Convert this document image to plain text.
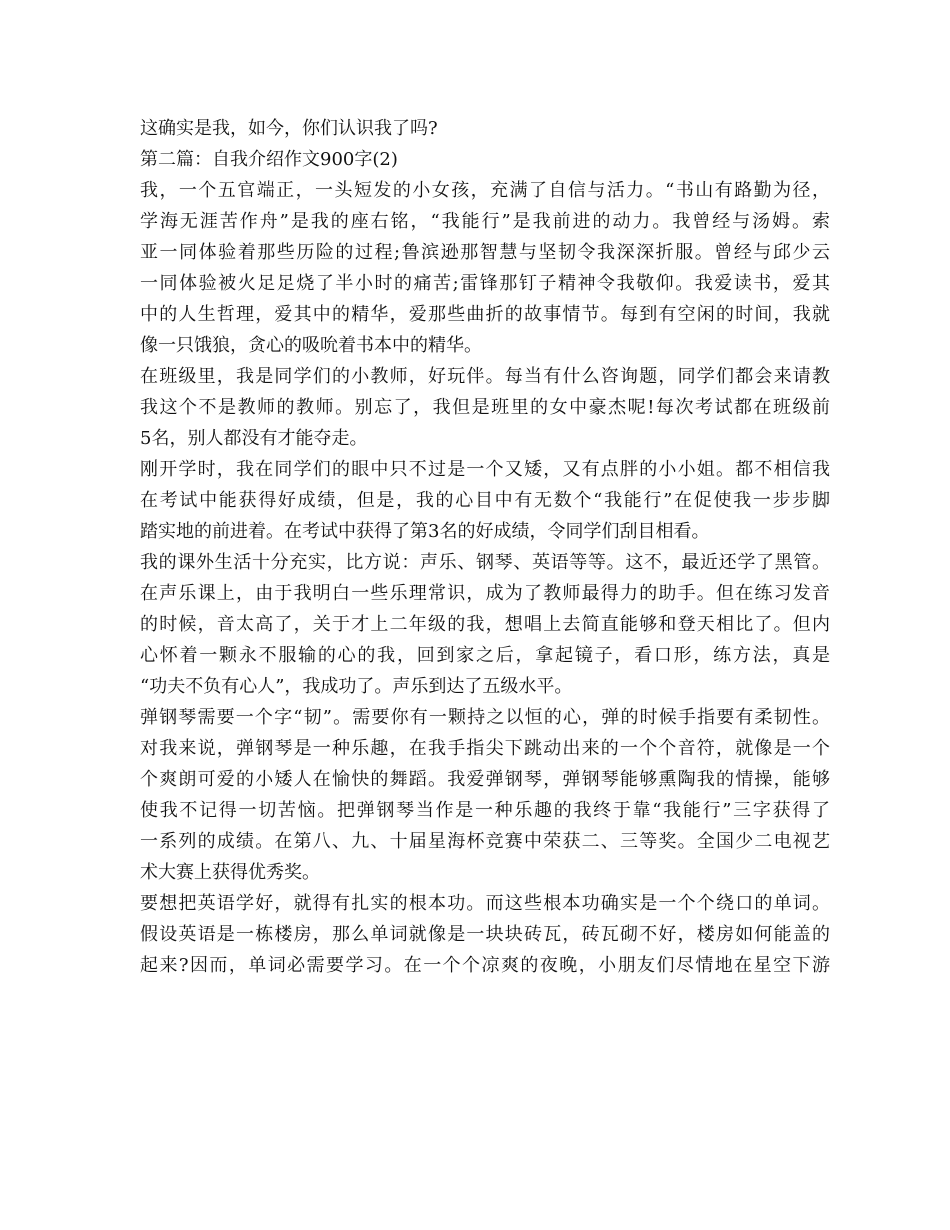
这确实是我，如今，你们认识我了吗?
第二篇：自我介绍作文900字(2)
我，一个五官端正，一头短发的小女孩，充满了自信与活力。“书山有路勤为径，
学海无涯苦作舟”是我的座右铭，“我能行”是我前进的动力。我曾经与汤姆。索
亚一同体验着那些历险的过程;鲁滨逊那智慧与坚韧令我深深折服。曾经与邱少云
一同体验被火足足烧了半小时的痛苦;雷锋那钉子精神令我敬仰。我爱读书，爱其
中的人生哲理，爱其中的精华，爱那些曲折的故事情节。每到有空闲的时间，我就
像一只饿狼，贪心的吸吮着书本中的精华。
在班级里，我是同学们的小教师，好玩伴。每当有什么咨询题，同学们都会来请教
我这个不是教师的教师。别忘了，我但是班里的女中豪杰呢!每次考试都在班级前
5名，别人都没有才能夺走。
刚开学时，我在同学们的眼中只不过是一个又矮，又有点胖的小小姐。都不相信我
在考试中能获得好成绩，但是，我的心目中有无数个“我能行”在促使我一步步脚
踏实地的前进着。在考试中获得了第3名的好成绩，令同学们刮目相看。
我的课外生活十分充实，比方说：声乐、钢琴、英语等等。这不，最近还学了黑管。
在声乐课上，由于我明白一些乐理常识，成为了教师最得力的助手。但在练习发音
的时候，音太高了，关于才上二年级的我，想唱上去简直能够和登天相比了。但内
心怀着一颗永不服输的心的我，回到家之后，拿起镜子，看口形，练方法，真是
“功夫不负有心人”，我成功了。声乐到达了五级水平。
弹钢琴需要一个字“韧”。需要你有一颗持之以恒的心，弹的时候手指要有柔韧性。
对我来说，弹钢琴是一种乐趣，在我手指尖下跳动出来的一个个音符，就像是一个
个爽朗可爱的小矮人在愉快的舞蹈。我爱弹钢琴，弹钢琴能够熏陶我的情操，能够
使我不记得一切苦恼。把弹钢琴当作是一种乐趣的我终于靠“我能行”三字获得了
一系列的成绩。在第八、九、十届星海杯竞赛中荣获二、三等奖。全国少二电视艺
术大赛上获得优秀奖。
要想把英语学好，就得有扎实的根本功。而这些根本功确实是一个个绕口的单词。
假设英语是一栋楼房，那么单词就像是一块块砖瓦，砖瓦砌不好，楼房如何能盖的
起来?因而，单词必需要学习。在一个个凉爽的夜晚，小朋友们尽情地在星空下游
